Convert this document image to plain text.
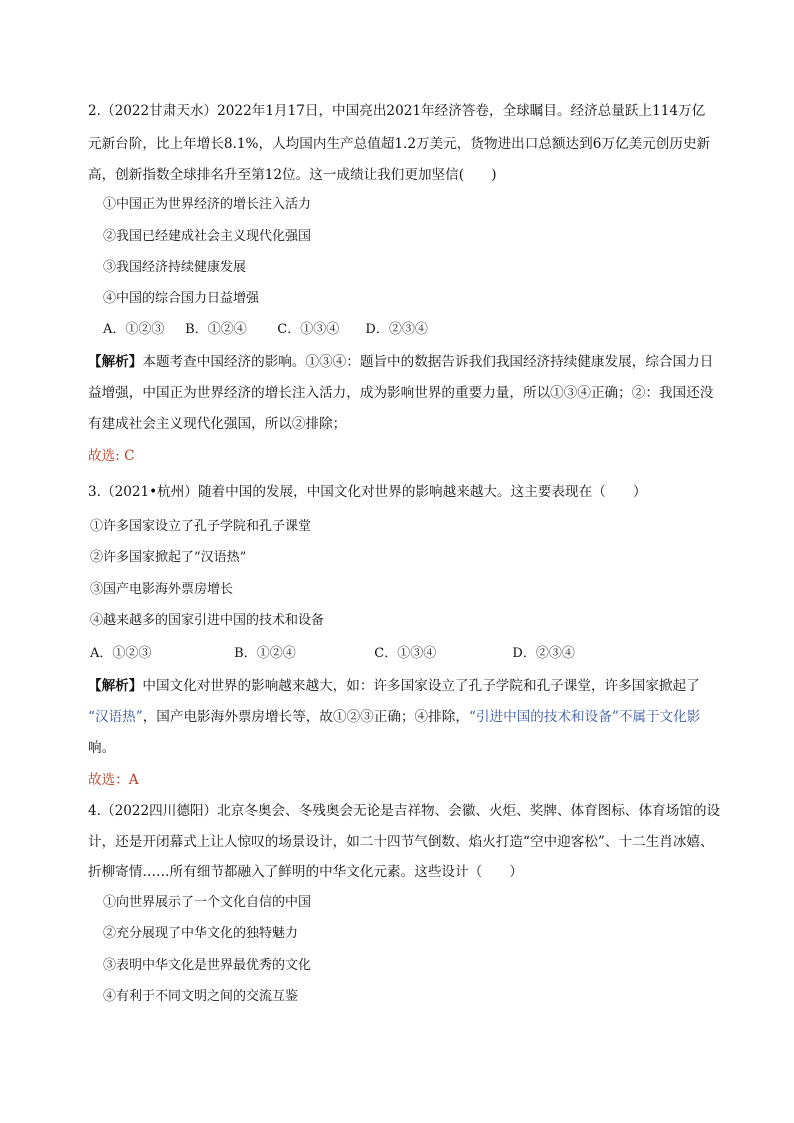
2.（2022甘肃天水）2022年1月17日，中国亮出2021年经济答卷，全球瞩目。经济总量跃上114万亿
元新台阶，比上年增长8.1%，人均国内生产总值超1.2万美元，货物进出口总额达到6万亿美元创历史新
高，创新指数全球排名升至第12位。这一成绩让我们更加坚信(　　)
①中国正为世界经济的增长注入活力
②我国已经建成社会主义现代化强国
③我国经济持续健康发展
④中国的综合国力日益增强
A．①②③ B．①②④ C．①③④ D．②③④
【解析】本题考查中国经济的影响。①③④：题旨中的数据告诉我们我国经济持续健康发展，综合国力日
益增强，中国正为世界经济的增长注入活力，成为影响世界的重要力量，所以①③④正确；②：我国还没
有建成社会主义现代化强国，所以②排除；
故选: C
3.（2021•杭州）随着中国的发展，中国文化对世界的影响越来越大。这主要表现在（　　）
①许多国家设立了孔子学院和孔子课堂
②许多国家掀起了“汉语热”
③国产电影海外票房增长
④越来越多的国家引进中国的技术和设备
A．①②③	B．①②④	C．①③④	D．②③④
【解析】中国文化对世界的影响越来越大，如：许多国家设立了孔子学院和孔子课堂，许多国家掀起了
“汉语热”，国产电影海外票房增长等，故①②③正确；④排除，“引进中国的技术和设备”不属于文化影
响。
故选：A
4.（2022四川德阳）北京冬奥会、冬残奥会无论是吉祥物、会徽、火炬、奖牌、体育图标、体育场馆的设
计，还是开闭幕式上让人惊叹的场景设计，如二十四节气倒数、焰火打造“空中迎客松”、十二生肖冰嬉、
折柳寄情……所有细节都融入了鲜明的中华文化元素。这些设计（　　）
①向世界展示了一个文化自信的中国
②充分展现了中华文化的独特魅力
③表明中华文化是世界最优秀的文化
④有利于不同文明之间的交流互鉴
